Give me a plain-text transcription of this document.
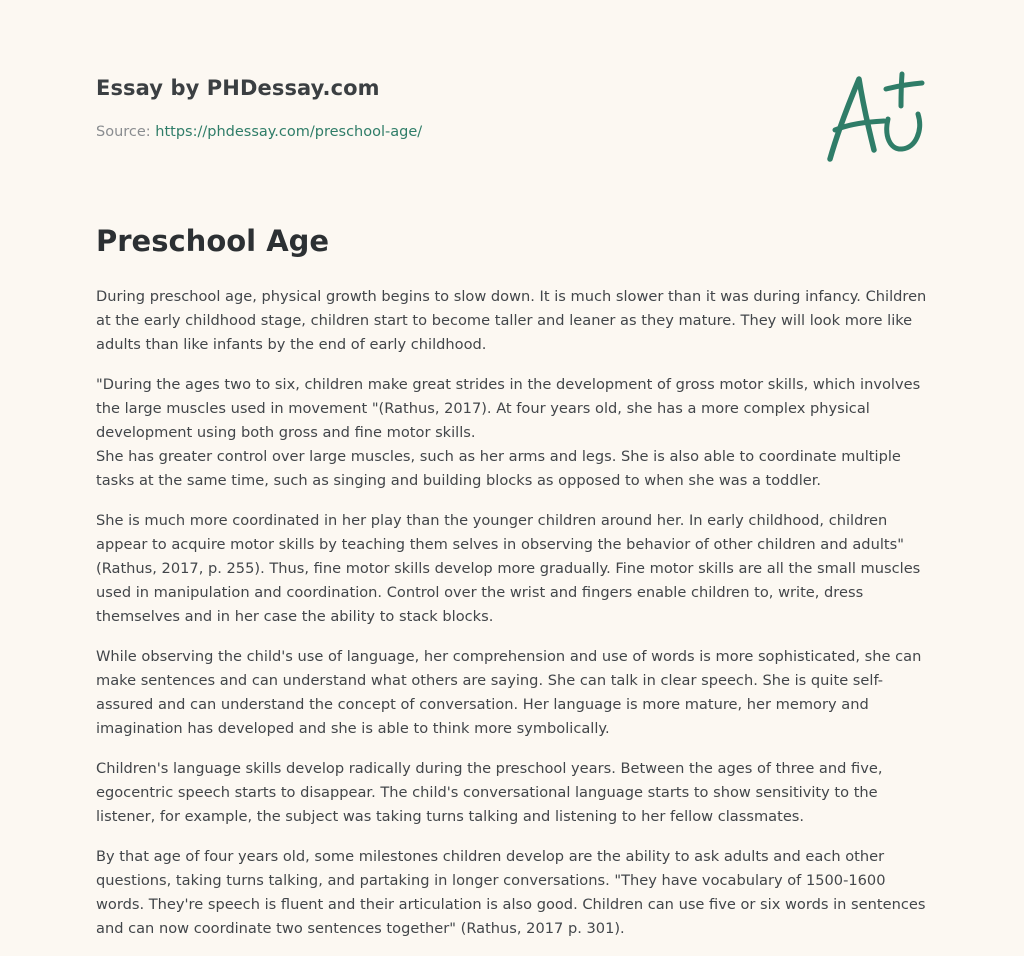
Essay by PHDessay.com
Source: https://phdessay.com/preschool-age/
Preschool Age

During preschool age, physical growth begins to slow down. It is much slower than it was during infancy. Children at the early childhood stage, children start to become taller and leaner as they mature. They will look more like adults than like infants by the end of early childhood.

"During the ages two to six, children make great strides in the development of gross motor skills, which involves the large muscles used in movement "(Rathus, 2017). At four years old, she has a more complex physical development using both gross and fine motor skills.

She has greater control over large muscles, such as her arms and legs. She is also able to coordinate multiple tasks at the same time, such as singing and building blocks as opposed to when she was a toddler.

She is much more coordinated in her play than the younger children around her. In early childhood, children appear to acquire motor skills by teaching them selves in observing the behavior of other children and adults" (Rathus, 2017, p. 255). Thus, fine motor skills develop more gradually. Fine motor skills are all the small muscles used in manipulation and coordination. Control over the wrist and fingers enable children to, write, dress themselves and in her case the ability to stack blocks.

While observing the child's use of language, her comprehension and use of words is more sophisticated, she can make sentences and can understand what others are saying. She can talk in clear speech. She is quite self-assured and can understand the concept of conversation. Her language is more mature, her memory and imagination has developed and she is able to think more symbolically.

Children's language skills develop radically during the preschool years. Between the ages of three and five, egocentric speech starts to disappear. The child's conversational language starts to show sensitivity to the listener, for example, the subject was taking turns talking and listening to her fellow classmates.

By that age of four years old, some milestones children develop are the ability to ask adults and each other questions, taking turns talking, and partaking in longer conversations. "They have vocabulary of 1500-1600 words. They're speech is fluent and their articulation is also good. Children can use five or six words in sentences and can now coordinate two sentences together" (Rathus, 2017 p. 301).
